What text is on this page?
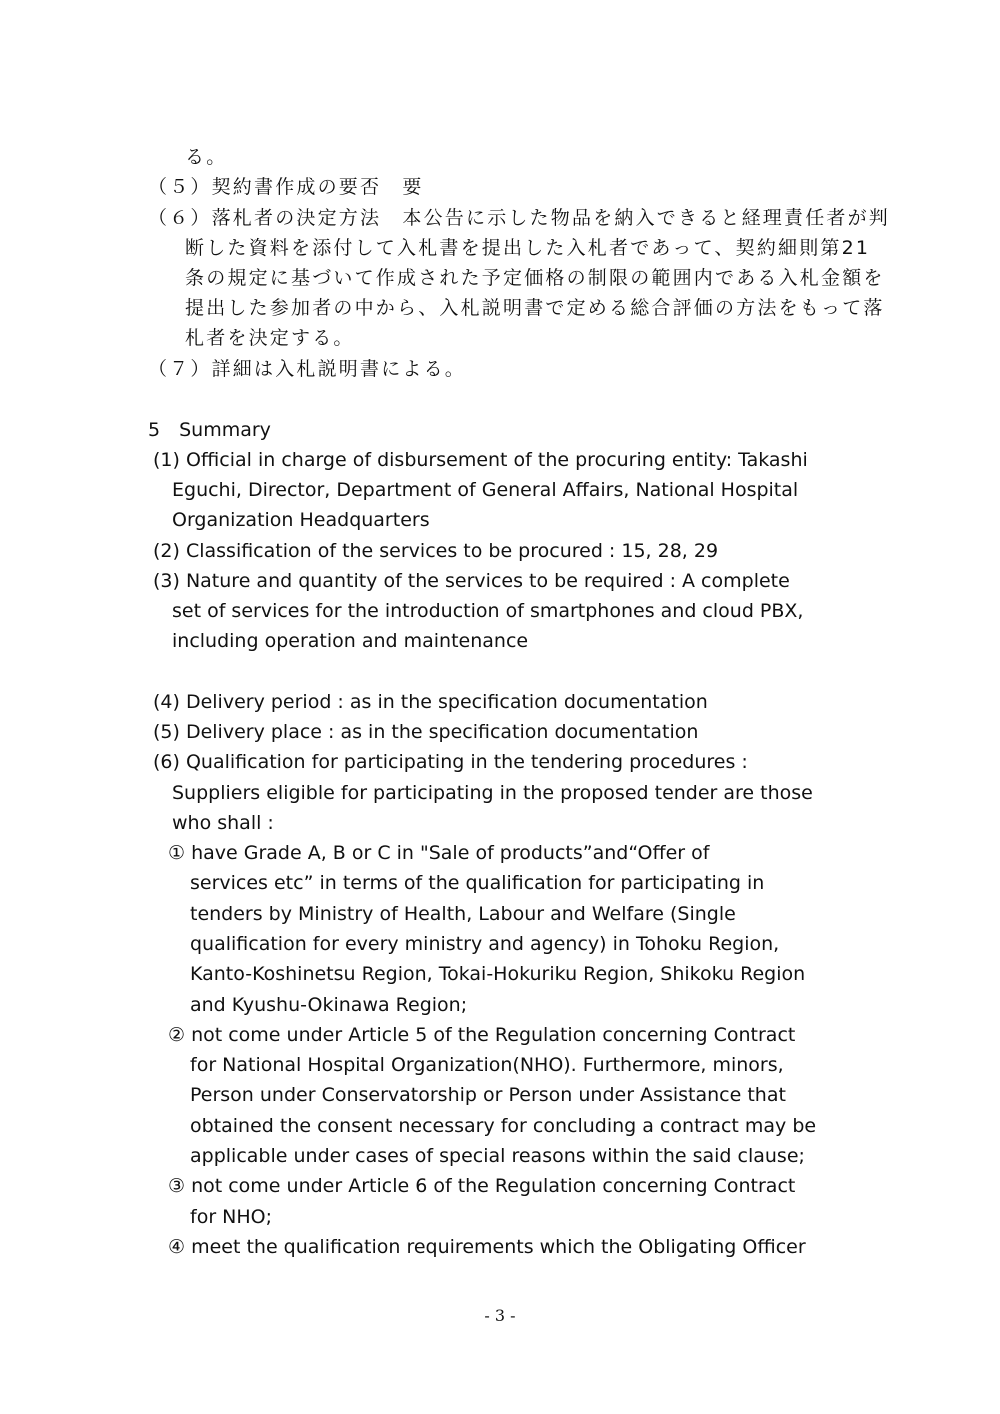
る。
（５）契約書作成の要否　要
（６）落札者の決定方法　本公告に示した物品を納入できると経理責任者が判
断した資料を添付して入札書を提出した入札者であって、契約細則第21
条の規定に基づいて作成された予定価格の制限の範囲内である入札金額を
提出した参加者の中から、入札説明書で定める総合評価の方法をもって落
札者を決定する。
（７）詳細は入札説明書による。
5　Summary
(1) Official in charge of disbursement of the procuring entity: Takashi
Eguchi, Director, Department of General Affairs, National Hospital
Organization Headquarters
(2) Classification of the services to be procured : 15, 28, 29
(3) Nature and quantity of the services to be required : A complete
set of services for the introduction of smartphones and cloud PBX,
including operation and maintenance
(4) Delivery period : as in the specification documentation
(5) Delivery place : as in the specification documentation
(6) Qualification for participating in the tendering procedures :
Suppliers eligible for participating in the proposed tender are those
who shall :
① have Grade A, B or C in "Sale of products”and“Offer of
services etc” in terms of the qualification for participating in
tenders by Ministry of Health, Labour and Welfare (Single
qualification for every ministry and agency) in Tohoku Region,
Kanto-Koshinetsu Region, Tokai-Hokuriku Region, Shikoku Region
and Kyushu-Okinawa Region;
② not come under Article 5 of the Regulation concerning Contract
for National Hospital Organization(NHO). Furthermore, minors,
Person under Conservatorship or Person under Assistance that
obtained the consent necessary for concluding a contract may be
applicable under cases of special reasons within the said clause;
③ not come under Article 6 of the Regulation concerning Contract
for NHO;
④ meet the qualification requirements which the Obligating Officer
- 3 -
